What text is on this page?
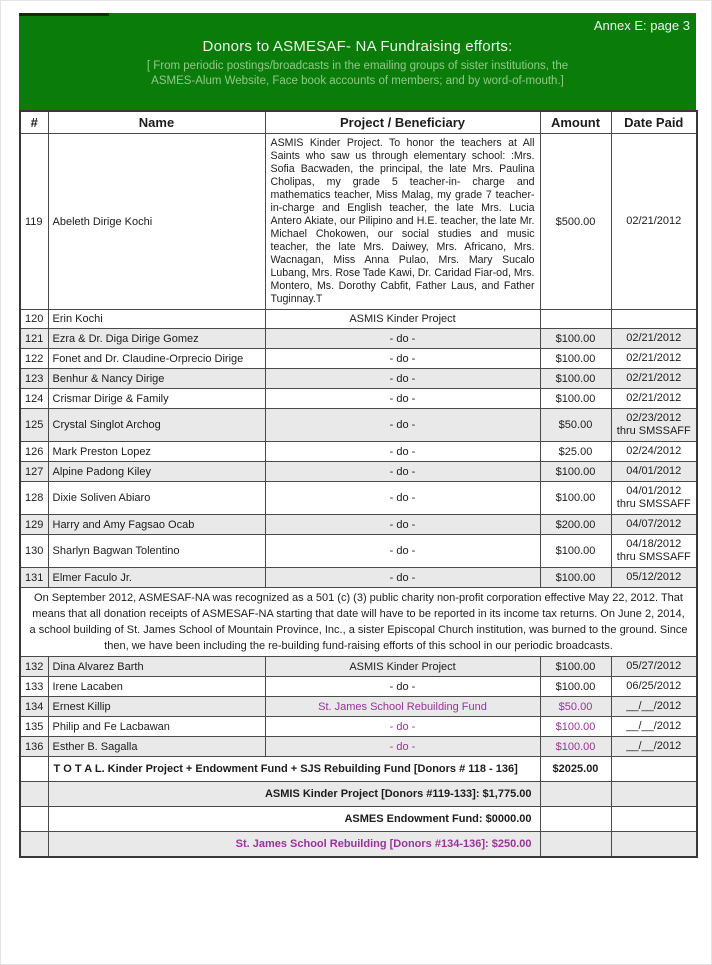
Annex E: page 3
Donors to ASMESAF- NA Fundraising efforts:
[ From periodic postings/broadcasts in the emailing groups of sister institutions, the
ASMES-Alum Website, Face book accounts of members; and by word-of-mouth.]
#	Name	Project / Beneficiary	Amount	Date Paid
119	Abeleth Dirige Kochi	ASMIS Kinder Project. To honor the teachers at All Saints who saw us through elementary school: :Mrs. Sofia Bacwaden, the principal, the late Mrs. Paulina Cholipas, my grade 5 teacher-in- charge and mathematics teacher, Miss Malag, my grade 7 teacher-in-charge and English teacher, the late Mrs. Lucia Antero Akiate, our Pilipino and H.E. teacher, the late Mr. Michael Chokowen, our social studies and music teacher, the late Mrs. Daiwey, Mrs. Africano, Mrs. Wacnagan, Miss Anna Pulao, Mrs. Mary Sucalo Lubang, Mrs. Rose Tade Kawi, Dr. Caridad Fiar-od, Mrs. Montero, Ms. Dorothy Cabfit, Father Laus, and Father Tuginnay.T	$500.00	02/21/2012
120	Erin Kochi	ASMIS Kinder Project		
121	Ezra & Dr. Diga Dirige Gomez	- do -	$100.00	02/21/2012
122	Fonet and Dr. Claudine-Orprecio Dirige	- do -	$100.00	02/21/2012
123	Benhur & Nancy Dirige	- do -	$100.00	02/21/2012
124	Crismar Dirige & Family	- do -	$100.00	02/21/2012
125	Crystal Singlot Archog	- do -	$50.00	02/23/2012
thru SMSSAFF
126	Mark Preston Lopez	- do -	$25.00	02/24/2012
127	Alpine Padong Kiley	- do -	$100.00	04/01/2012
128	Dixie Soliven Abiaro	- do -	$100.00	04/01/2012
thru SMSSAFF
129	Harry and Amy Fagsao Ocab	- do -	$200.00	04/07/2012
130	Sharlyn Bagwan Tolentino	- do -	$100.00	04/18/2012
thru SMSSAFF
131	Elmer Faculo Jr.	- do -	$100.00	05/12/2012
On September 2012, ASMESAF-NA was recognized as a 501 (c) (3) public charity non-profit corporation effective May 22, 2012. That means that all donation receipts of ASMESAF-NA starting that date will have to be reported in its income tax returns. On June 2, 2014, a school building of St. James School of Mountain Province, Inc., a sister Episcopal Church institution, was burned to the ground. Since then, we have been including the re-building fund-raising efforts of this school in our periodic broadcasts.				
132	Dina Alvarez Barth	ASMIS Kinder Project	$100.00	05/27/2012
133	Irene Lacaben	- do -	$100.00	06/25/2012
134	Ernest Killip	St. James School Rebuilding Fund	$50.00	__/__/2012
135	Philip and Fe Lacbawan	- do -	$100.00	__/__/2012
136	Esther B. Sagalla	- do -	$100.00	__/__/2012
	T O T A L. Kinder Project + Endowment Fund + SJS Rebuilding Fund [Donors # 118 - 136]		$2025.00	
	ASMIS Kinder Project [Donors #119-133]: $1,775.00			
	ASMES Endowment Fund: $0000.00			
	St. James School Rebuilding [Donors #134-136]: $250.00			
